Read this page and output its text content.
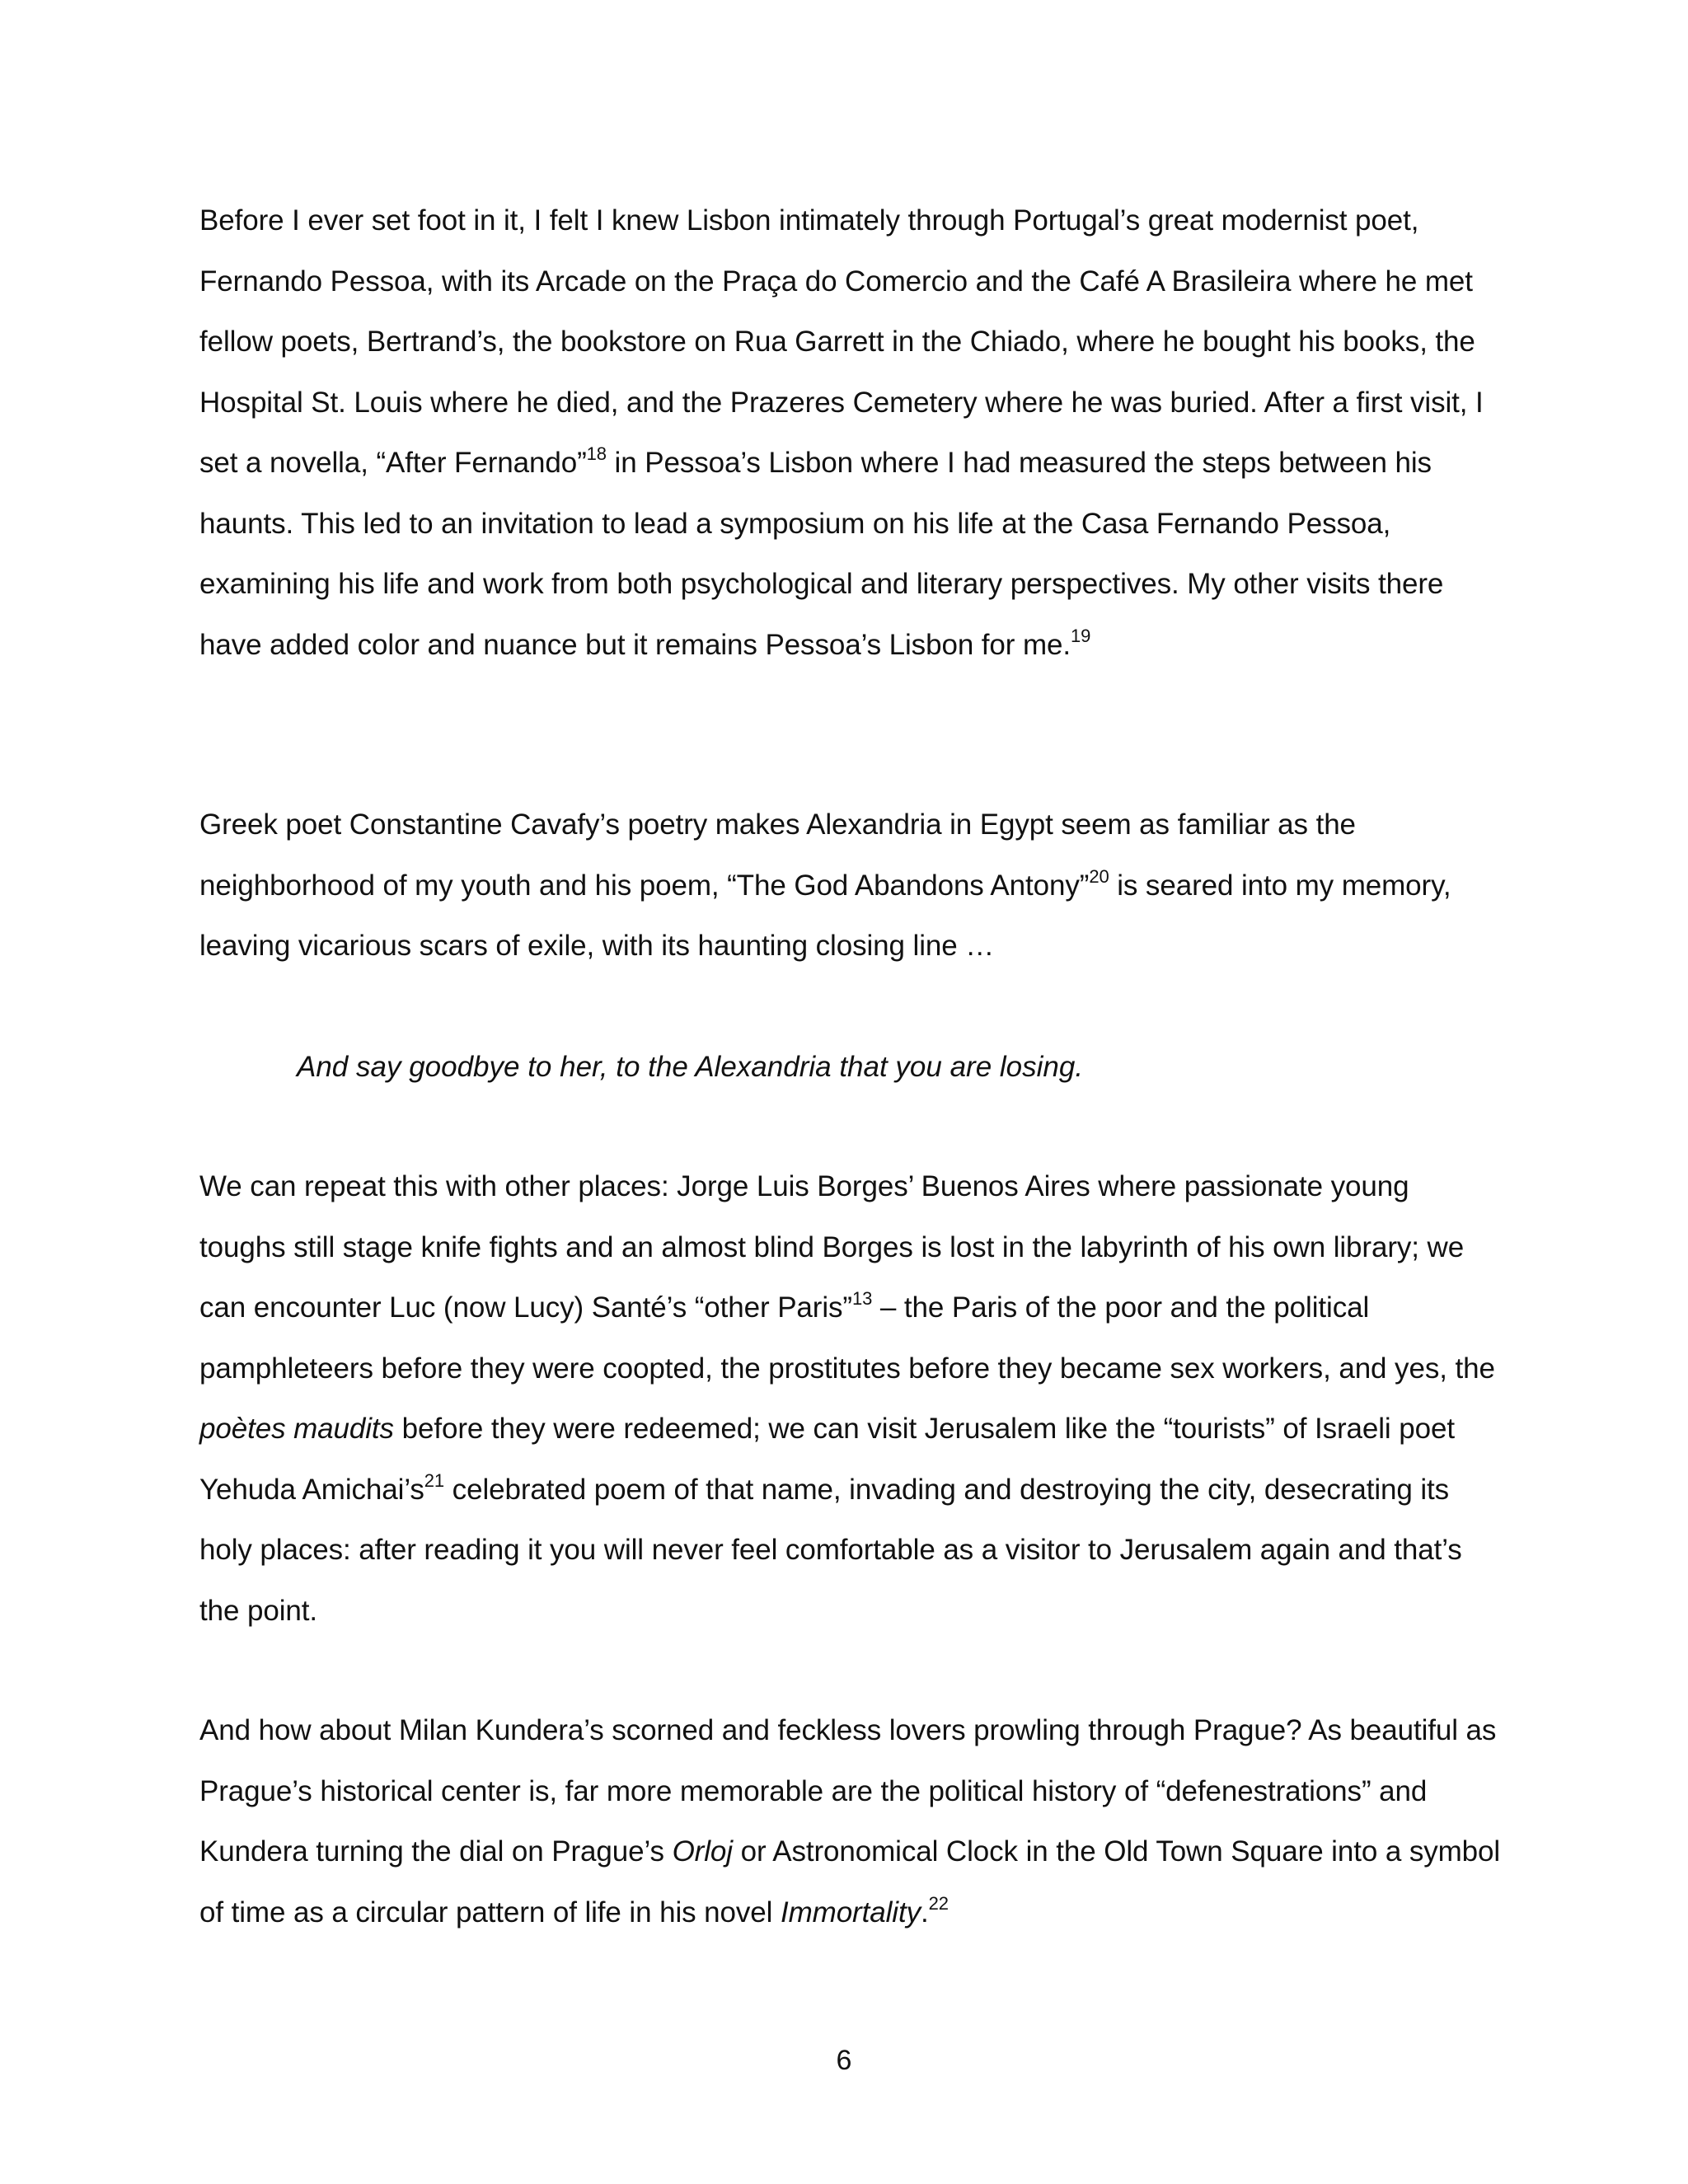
Before I ever set foot in it, I felt I knew Lisbon intimately through Portugal’s great modernist poet, Fernando Pessoa, with its Arcade on the Praça do Comercio and the Café A Brasileira where he met fellow poets, Bertrand’s, the bookstore on Rua Garrett in the Chiado, where he bought his books, the Hospital St. Louis where he died, and the Prazeres Cemetery where he was buried. After a first visit, I set a novella, “After Fernando”$^{18}$ in Pessoa’s Lisbon where I had measured the steps between his haunts. This led to an invitation to lead a symposium on his life at the Casa Fernando Pessoa, examining his life and work from both psychological and literary perspectives. My other visits there have added color and nuance but it remains Pessoa’s Lisbon for me.$^{19}$

Greek poet Constantine Cavafy’s poetry makes Alexandria in Egypt seem as familiar as the neighborhood of my youth and his poem, “The God Abandons Antony”$^{20}$ is seared into my memory, leaving vicarious scars of exile, with its haunting closing line …

And say goodbye to her, to the Alexandria that you are losing.

We can repeat this with other places: Jorge Luis Borges’ Buenos Aires where passionate young toughs still stage knife fights and an almost blind Borges is lost in the labyrinth of his own library; we can encounter Luc (now Lucy) Santé’s “other Paris”$^{13}$ – the Paris of the poor and the political pamphleteers before they were coopted, the prostitutes before they became sex workers, and yes, the poètes maudits before they were redeemed; we can visit Jerusalem like the “tourists” of Israeli poet Yehuda $Amichai’s^{21}$ celebrated poem of that name, invading and destroying the city, desecrating its holy places: after reading it you will never feel comfortable as a visitor to Jerusalem again and that’s the point.

And how about Milan Kundera’s scorned and feckless lovers prowling through Prague? As beautiful as Prague’s historical center is, far more memorable are the political history of “defenestrations” and Kundera turning the dial on Prague’s Orloj or Astronomical Clock in the Old Town Square into a symbol of time as a circular pattern of life in his novel Immortality.$^{22}$

6
